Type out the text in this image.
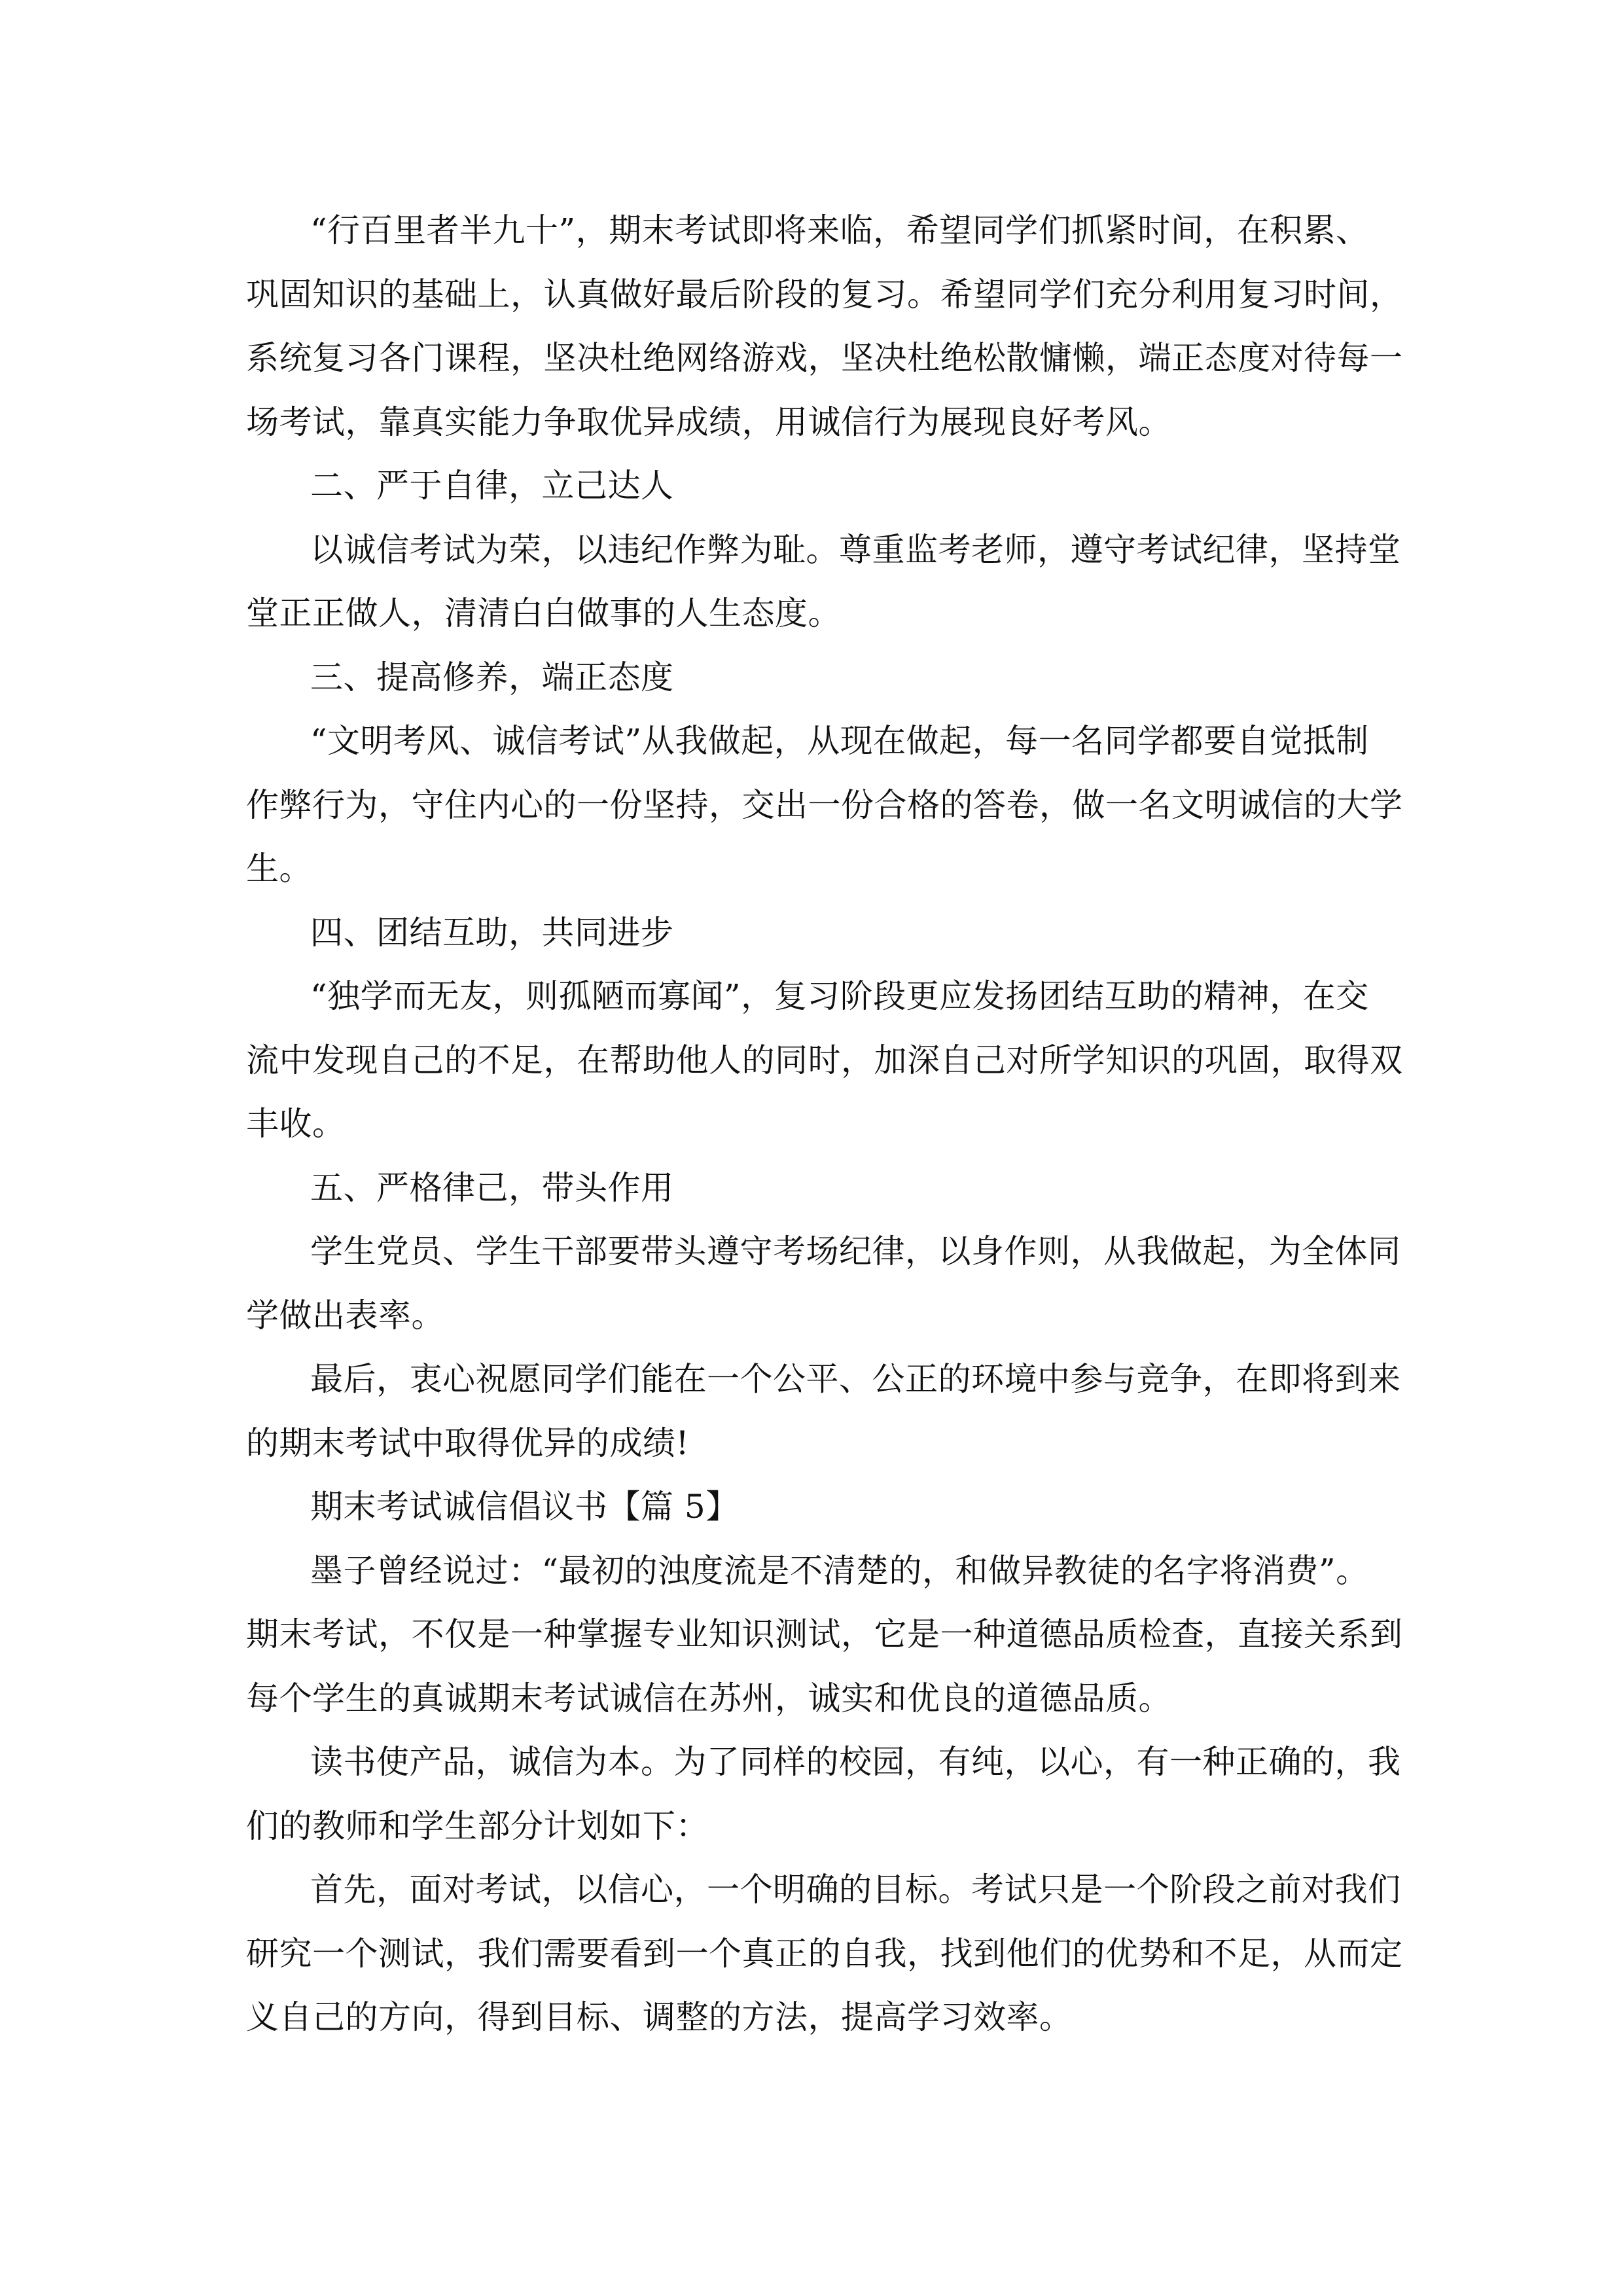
“行百里者半九十”，期末考试即将来临，希望同学们抓紧时间，在积累、
巩固知识的基础上，认真做好最后阶段的复习。希望同学们充分利用复习时间，
系统复习各门课程，坚决杜绝网络游戏，坚决杜绝松散慵懒，端正态度对待每一
场考试，靠真实能力争取优异成绩，用诚信行为展现良好考风。
二、严于自律，立己达人
以诚信考试为荣，以违纪作弊为耻。尊重监考老师，遵守考试纪律，坚持堂
堂正正做人，清清白白做事的人生态度。
三、提高修养，端正态度
“文明考风、诚信考试”从我做起，从现在做起，每一名同学都要自觉抵制
作弊行为，守住内心的一份坚持，交出一份合格的答卷，做一名文明诚信的大学
生。
四、团结互助，共同进步
“独学而无友，则孤陋而寡闻”，复习阶段更应发扬团结互助的精神，在交
流中发现自己的不足，在帮助他人的同时，加深自己对所学知识的巩固，取得双
丰收。
五、严格律己，带头作用
学生党员、学生干部要带头遵守考场纪律，以身作则，从我做起，为全体同
学做出表率。
最后，衷心祝愿同学们能在一个公平、公正的环境中参与竞争，在即将到来
的期末考试中取得优异的成绩!
期末考试诚信倡议书【篇 5】
墨子曾经说过：“最初的浊度流是不清楚的，和做异教徒的名字将消费”。
期末考试，不仅是一种掌握专业知识测试，它是一种道德品质检查，直接关系到
每个学生的真诚期末考试诚信在苏州，诚实和优良的道德品质。
读书使产品，诚信为本。为了同样的校园，有纯，以心，有一种正确的，我
们的教师和学生部分计划如下：
首先，面对考试，以信心，一个明确的目标。考试只是一个阶段之前对我们
研究一个测试，我们需要看到一个真正的自我，找到他们的优势和不足，从而定
义自己的方向，得到目标、调整的方法，提高学习效率。
